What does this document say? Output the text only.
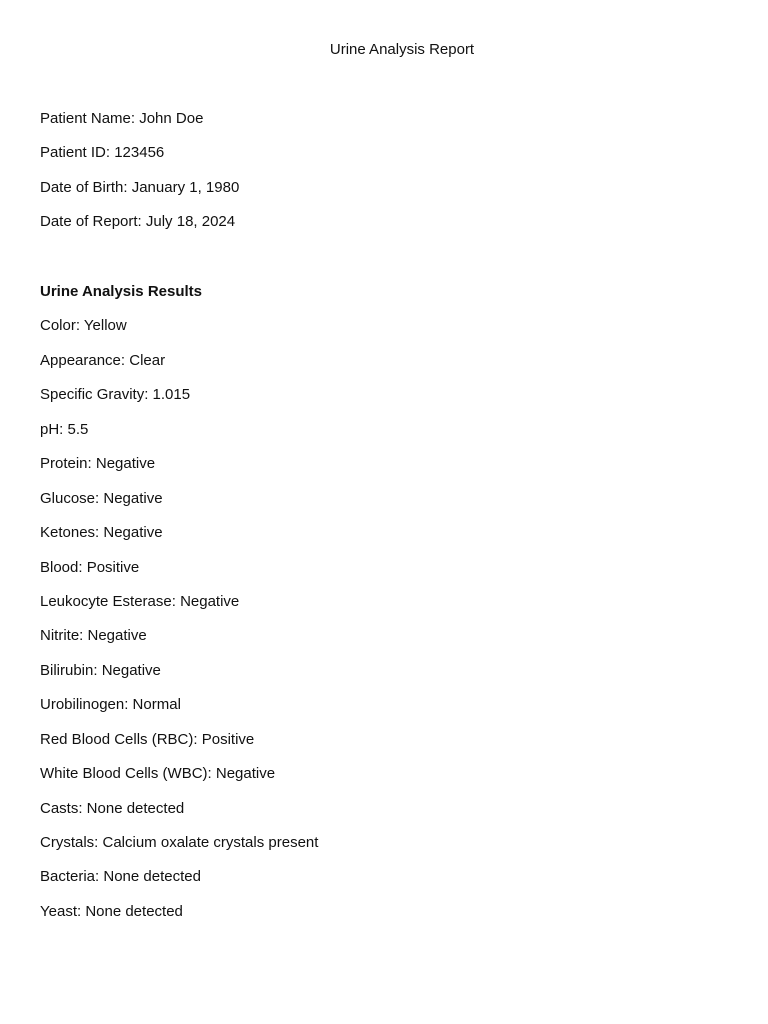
Urine Analysis Report
Patient Name: John Doe
Patient ID: 123456
Date of Birth: January 1, 1980
Date of Report: July 18, 2024
Urine Analysis Results
Color: Yellow
Appearance: Clear
Specific Gravity: 1.015
pH: 5.5
Protein: Negative
Glucose: Negative
Ketones: Negative
Blood: Positive
Leukocyte Esterase: Negative
Nitrite: Negative
Bilirubin: Negative
Urobilinogen: Normal
Red Blood Cells (RBC): Positive
White Blood Cells (WBC): Negative
Casts: None detected
Crystals: Calcium oxalate crystals present
Bacteria: None detected
Yeast: None detected
